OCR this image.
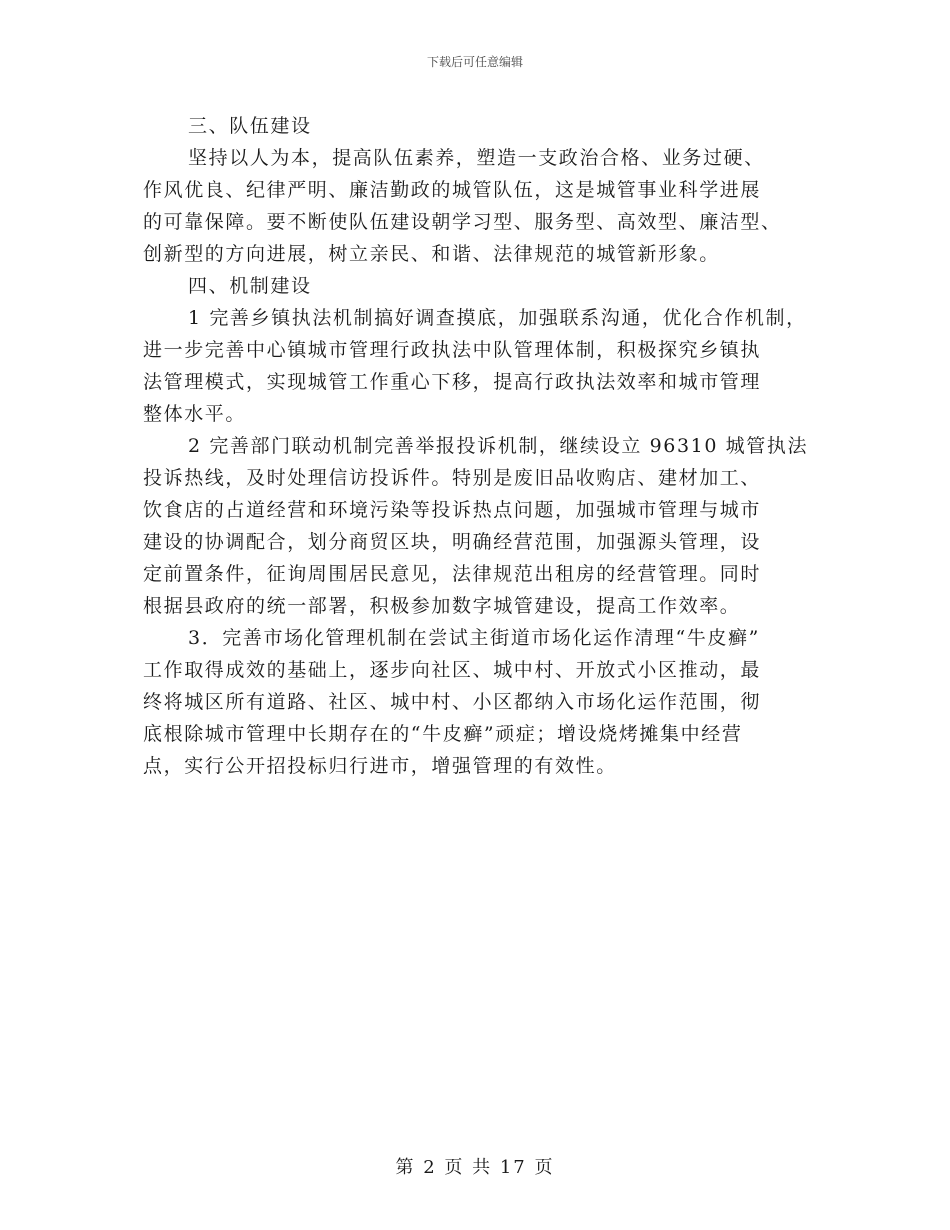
下载后可任意编辑
三、队伍建设
坚持以人为本，提高队伍素养，塑造一支政治合格、业务过硬、
作风优良、纪律严明、廉洁勤政的城管队伍，这是城管事业科学进展
的可靠保障。要不断使队伍建设朝学习型、服务型、高效型、廉洁型、
创新型的方向进展，树立亲民、和谐、法律规范的城管新形象。
四、机制建设
1 完善乡镇执法机制搞好调查摸底，加强联系沟通，优化合作机制，
进一步完善中心镇城市管理行政执法中队管理体制，积极探究乡镇执
法管理模式，实现城管工作重心下移，提高行政执法效率和城市管理
整体水平。
2 完善部门联动机制完善举报投诉机制，继续设立 96310 城管执法
投诉热线，及时处理信访投诉件。特别是废旧品收购店、建材加工、
饮食店的占道经营和环境污染等投诉热点问题，加强城市管理与城市
建设的协调配合，划分商贸区块，明确经营范围，加强源头管理，设
定前置条件，征询周围居民意见，法律规范出租房的经营管理。同时
根据县政府的统一部署，积极参加数字城管建设，提高工作效率。
3．完善市场化管理机制在尝试主街道市场化运作清理“牛皮癣”
工作取得成效的基础上，逐步向社区、城中村、开放式小区推动，最
终将城区所有道路、社区、城中村、小区都纳入市场化运作范围，彻
底根除城市管理中长期存在的“牛皮癣”顽症；增设烧烤摊集中经营
点，实行公开招投标归行进市，增强管理的有效性。
第 2 页 共 17 页
